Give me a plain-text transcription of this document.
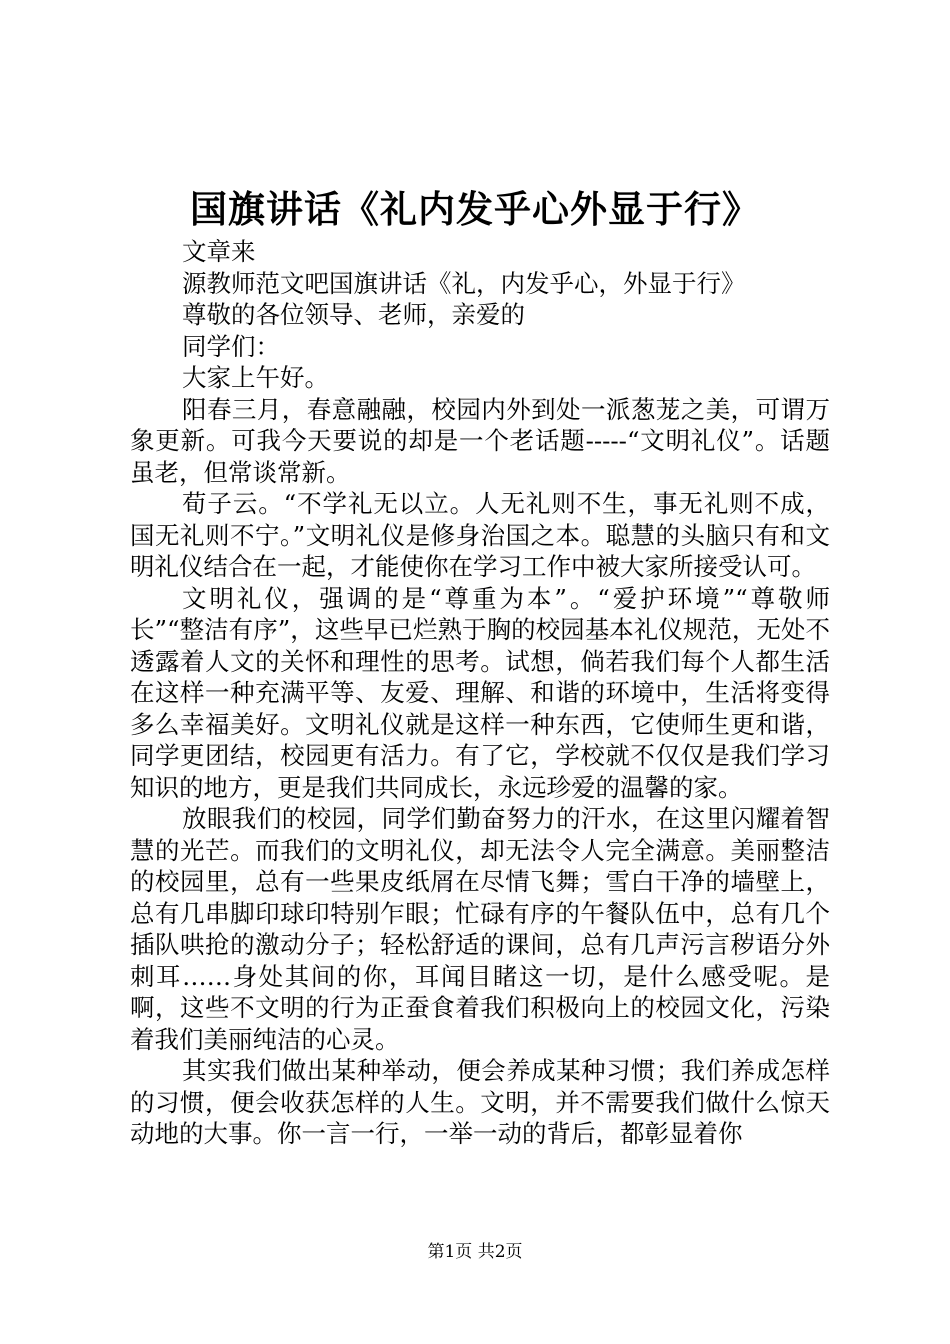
国旗讲话《礼内发乎心外显于行》
文章来
源教师范文吧国旗讲话《礼，内发乎心，外显于行》
尊敬的各位领导、老师，亲爱的
同学们：
大家上午好。

阳春三月，春意融融，校园内外到处一派葱茏之美，可谓万象更新。可我今天要说的却是一个老话题-----“文明礼仪”。话题虽老，但常谈常新。

荀子云。“不学礼无以立。人无礼则不生，事无礼则不成，国无礼则不宁。”文明礼仪是修身治国之本。聪慧的头脑只有和文明礼仪结合在一起，才能使你在学习工作中被大家所接受认可。

文明礼仪，强调的是“尊重为本”。“爱护环境”“尊敬师长”“整洁有序”，这些早已烂熟于胸的校园基本礼仪规范，无处不透露着人文的关怀和理性的思考。试想，倘若我们每个人都生活在这样一种充满平等、友爱、理解、和谐的环境中，生活将变得多么幸福美好。文明礼仪就是这样一种东西，它使师生更和谐，同学更团结，校园更有活力。有了它，学校就不仅仅是我们学习知识的地方，更是我们共同成长，永远珍爱的温馨的家。

放眼我们的校园，同学们勤奋努力的汗水，在这里闪耀着智慧的光芒。而我们的文明礼仪，却无法令人完全满意。美丽整洁的校园里，总有一些果皮纸屑在尽情飞舞；雪白干净的墙壁上，总有几串脚印球印特别乍眼；忙碌有序的午餐队伍中，总有几个插队哄抢的激动分子；轻松舒适的课间，总有几声污言秽语分外刺耳……身处其间的你，耳闻目睹这一切，是什么感受呢。是啊，这些不文明的行为正蚕食着我们积极向上的校园文化，污染着我们美丽纯洁的心灵。

其实我们做出某种举动，便会养成某种习惯；我们养成怎样的习惯，便会收获怎样的人生。文明，并不需要我们做什么惊天动地的大事。你一言一行，一举一动的背后，都彰显着你

第1页 共2页
